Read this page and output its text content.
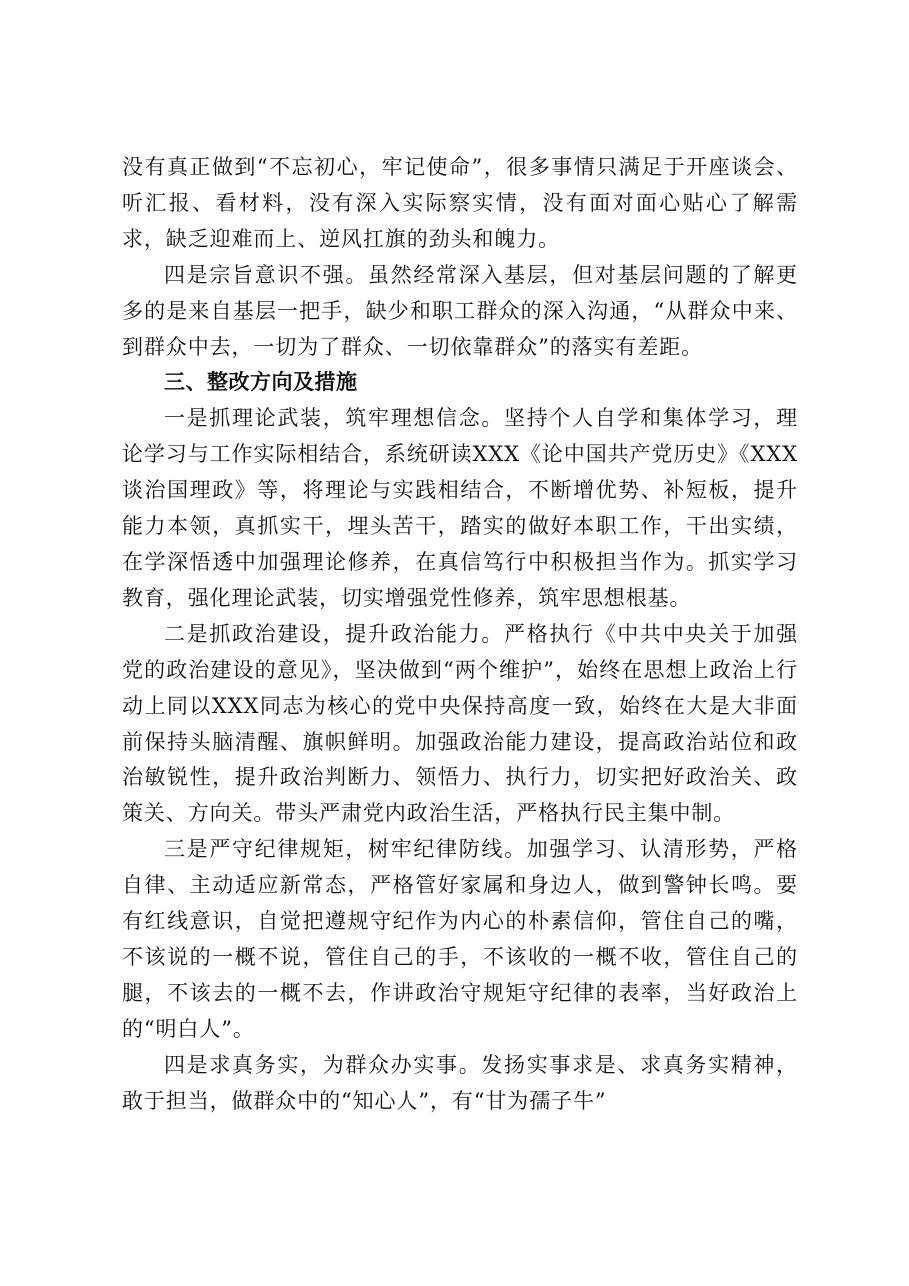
没有真正做到“不忘初心，牢记使命”，很多事情只满足于开座谈会、听汇报、看材料，没有深入实际察实情，没有面对面心贴心了解需求，缺乏迎难而上、逆风扛旗的劲头和魄力。

四是宗旨意识不强。虽然经常深入基层，但对基层问题的了解更多的是来自基层一把手，缺少和职工群众的深入沟通，“从群众中来、到群众中去，一切为了群众、一切依靠群众”的落实有差距。

三、整改方向及措施

一是抓理论武装，筑牢理想信念。坚持个人自学和集体学习，理论学习与工作实际相结合，系统研读XXX《论中国共产党历史》《XXX谈治国理政》等，将理论与实践相结合，不断增优势、补短板，提升能力本领，真抓实干，埋头苦干，踏实的做好本职工作，干出实绩，在学深悟透中加强理论修养，在真信笃行中积极担当作为。抓实学习教育，强化理论武装，切实增强党性修养，筑牢思想根基。

二是抓政治建设，提升政治能力。严格执行《中共中央关于加强党的政治建设的意见》，坚决做到“两个维护”，始终在思想上政治上行动上同以XXX同志为核心的党中央保持高度一致，始终在大是大非面前保持头脑清醒、旗帜鲜明。加强政治能力建设，提高政治站位和政治敏锐性，提升政治判断力、领悟力、执行力，切实把好政治关、政策关、方向关。带头严肃党内政治生活，严格执行民主集中制。

三是严守纪律规矩，树牢纪律防线。加强学习、认清形势，严格自律、主动适应新常态，严格管好家属和身边人，做到警钟长鸣。要有红线意识，自觉把遵规守纪作为内心的朴素信仰，管住自己的嘴，不该说的一概不说，管住自己的手，不该收的一概不收，管住自己的腿，不该去的一概不去，作讲政治守规矩守纪律的表率，当好政治上的“明白人”。

四是求真务实，为群众办实事。发扬实事求是、求真务实精神，敢于担当，做群众中的“知心人”，有“甘为孺子牛”
